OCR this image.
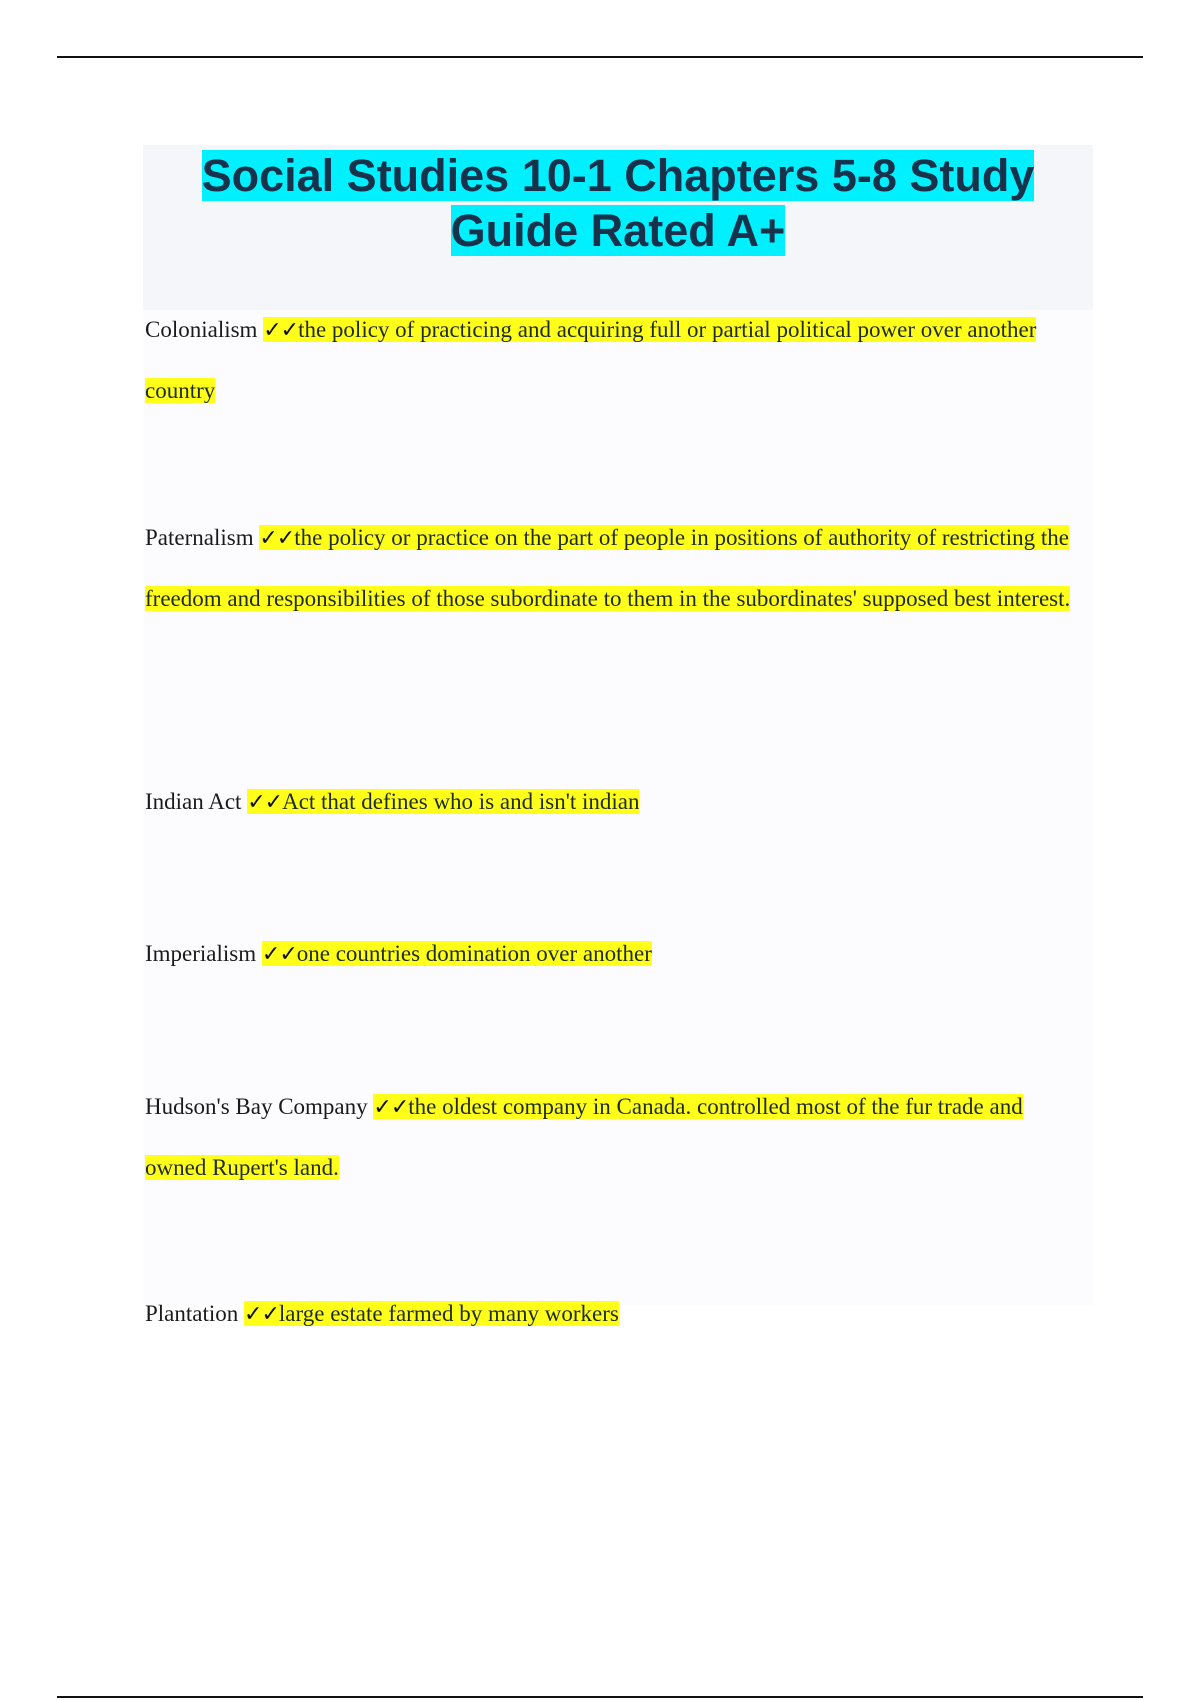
Social Studies 10-1 Chapters 5-8 Study Guide Rated A+

Colonialism ✓✓the policy of practicing and acquiring full or partial political power over another country

Paternalism ✓✓the policy or practice on the part of people in positions of authority of restricting the freedom and responsibilities of those subordinate to them in the subordinates' supposed best interest.

Indian Act ✓✓Act that defines who is and isn't indian

Imperialism ✓✓one countries domination over another

Hudson's Bay Company ✓✓the oldest company in Canada. controlled most of the fur trade and owned Rupert's land.

Plantation ✓✓large estate farmed by many workers
